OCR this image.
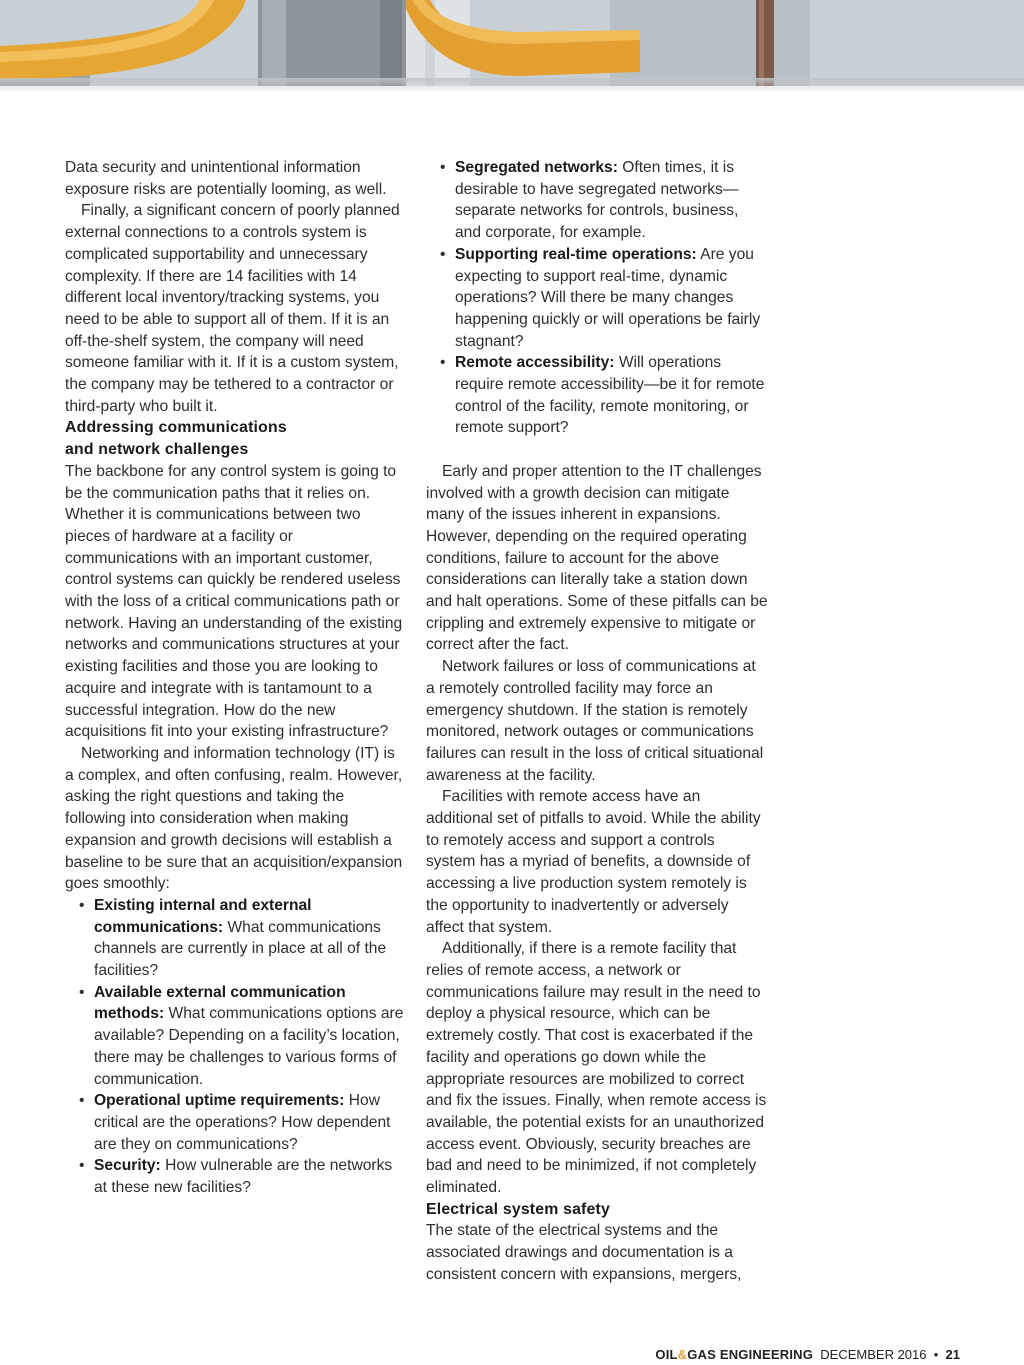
Data security and unintentional information exposure risks are potentially looming, as well.

Finally, a significant concern of poorly planned external connections to a controls system is complicated supportability and unnecessary complexity. If there are 14 facilities with 14 different local inventory/tracking systems, you need to be able to support all of them. If it is an off-the-shelf system, the company will need someone familiar with it. If it is a custom system, the company may be tethered to a contractor or third-party who built it.

Addressing communications
and network challenges

The backbone for any control system is going to be the communication paths that it relies on. Whether it is communications between two pieces of hardware at a facility or communications with an important customer, control systems can quickly be rendered useless with the loss of a critical communications path or network. Having an understanding of the existing networks and communications structures at your existing facilities and those you are looking to acquire and integrate with is tantamount to a successful integration. How do the new acquisitions fit into your existing infrastructure?

Networking and information technology (IT) is a complex, and often confusing, realm. However, asking the right questions and taking the following into consideration when making expansion and growth decisions will establish a baseline to be sure that an acquisition/expansion goes smoothly:

• Existing internal and external communications: What communications channels are currently in place at all of the facilities?
• Available external communication methods: What communications options are available? Depending on a facility’s location, there may be challenges to various forms of communication.
• Operational uptime requirements: How critical are the operations? How dependent are they on communications?
• Security: How vulnerable are the networks at these new facilities?
• Segregated networks: Often times, it is desirable to have segregated networks—separate networks for controls, business, and corporate, for example.
• Supporting real-time operations: Are you expecting to support real-time, dynamic operations? Will there be many changes happening quickly or will operations be fairly stagnant?
• Remote accessibility: Will operations require remote accessibility—be it for remote control of the facility, remote monitoring, or remote support?

Early and proper attention to the IT challenges involved with a growth decision can mitigate many of the issues inherent in expansions. However, depending on the required operating conditions, failure to account for the above considerations can literally take a station down and halt operations. Some of these pitfalls can be crippling and extremely expensive to mitigate or correct after the fact.

Network failures or loss of communications at a remotely controlled facility may force an emergency shutdown. If the station is remotely monitored, network outages or communications failures can result in the loss of critical situational awareness at the facility.

Facilities with remote access have an additional set of pitfalls to avoid. While the ability to remotely access and support a controls system has a myriad of benefits, a downside of accessing a live production system remotely is the opportunity to inadvertently or adversely affect that system.

Additionally, if there is a remote facility that relies of remote access, a network or communications failure may result in the need to deploy a physical resource, which can be extremely costly. That cost is exacerbated if the facility and operations go down while the appropriate resources are mobilized to correct and fix the issues. Finally, when remote access is available, the potential exists for an unauthorized access event. Obviously, security breaches are bad and need to be minimized, if not completely eliminated.

Electrical system safety

The state of the electrical systems and the associated drawings and documentation is a consistent concern with expansions, mergers,

OIL&GAS ENGINEERING DECEMBER 2016 • 21
